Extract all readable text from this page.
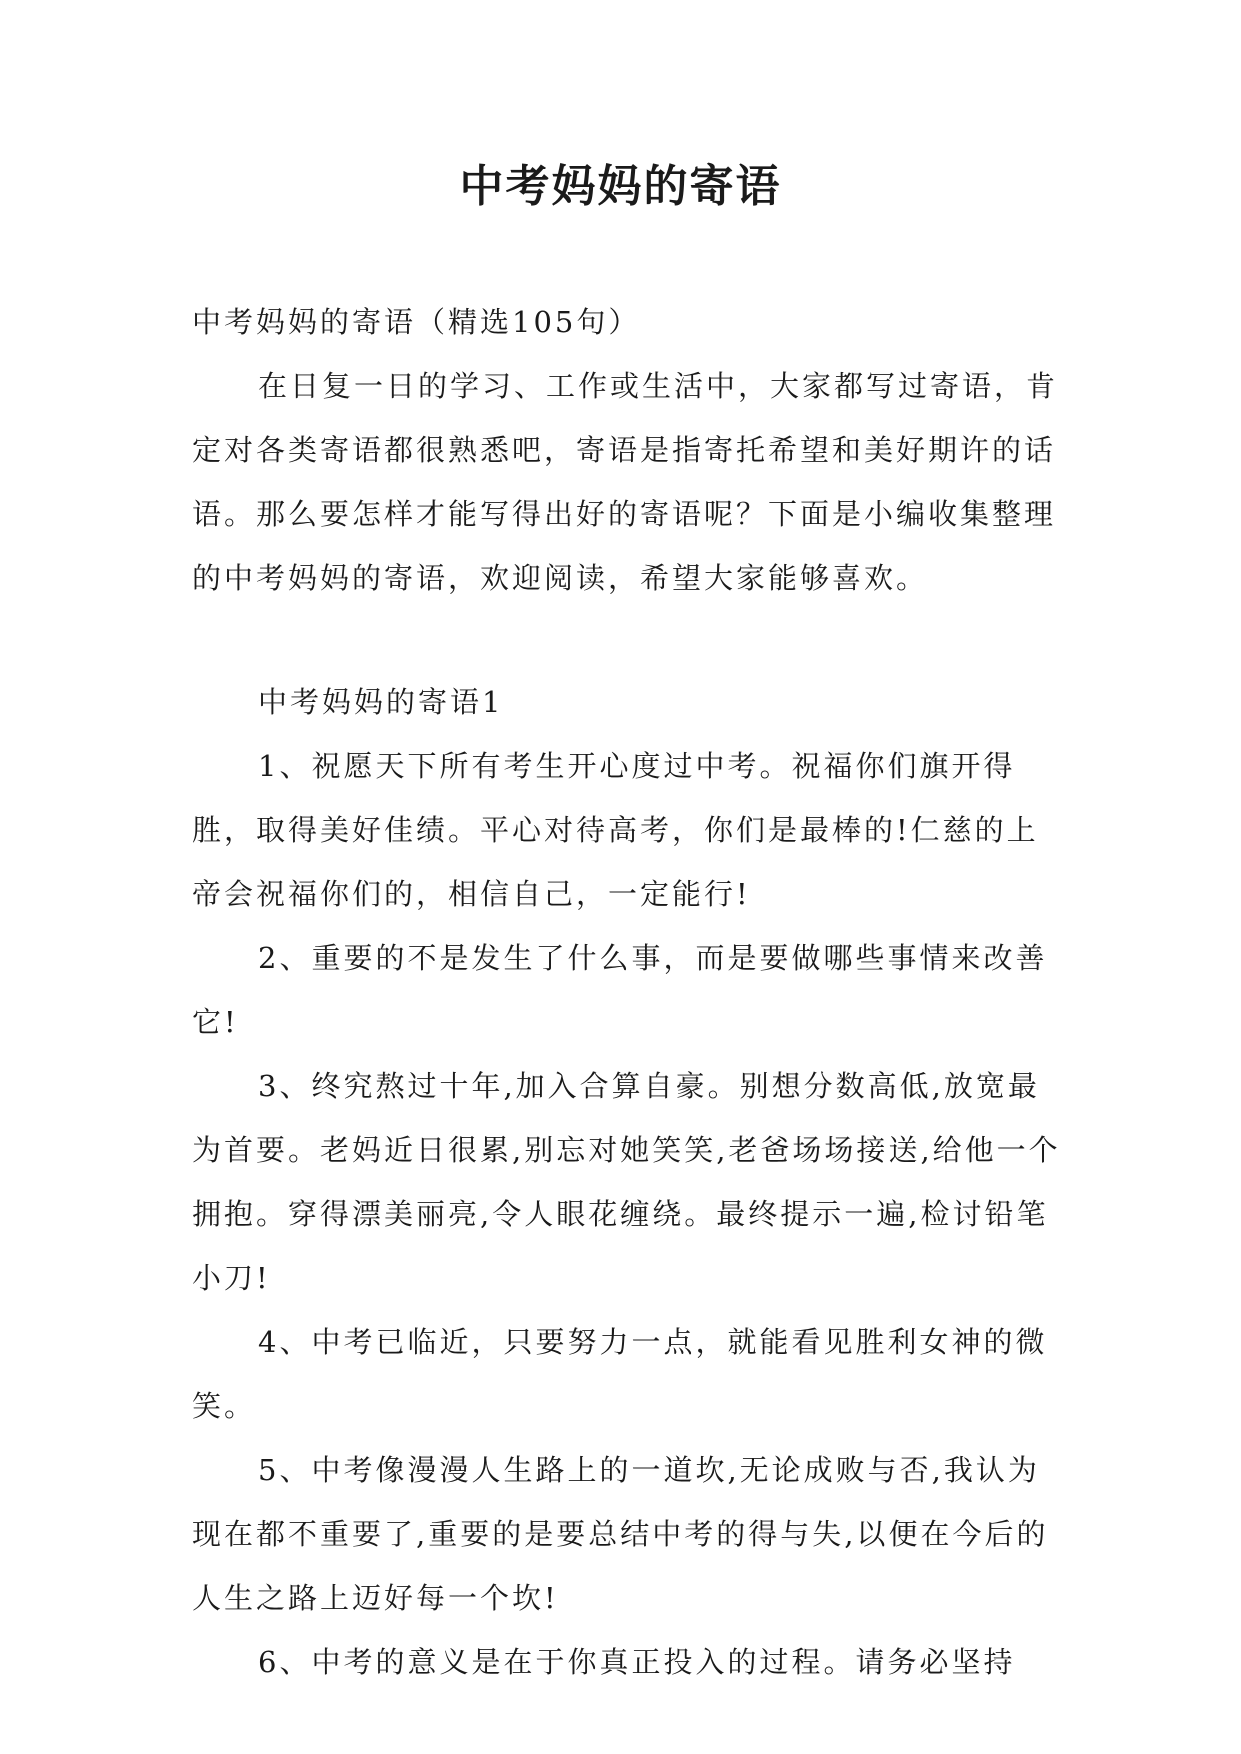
中考妈妈的寄语

中考妈妈的寄语（精选105句）

在日复一日的学习、工作或生活中，大家都写过寄语，肯定对各类寄语都很熟悉吧，寄语是指寄托希望和美好期许的话语。那么要怎样才能写得出好的寄语呢？下面是小编收集整理的中考妈妈的寄语，欢迎阅读，希望大家能够喜欢。

中考妈妈的寄语1

1、祝愿天下所有考生开心度过中考。祝福你们旗开得胜，取得美好佳绩。平心对待高考，你们是最棒的!仁慈的上帝会祝福你们的，相信自己，一定能行!

2、重要的不是发生了什么事，而是要做哪些事情来改善它!

3、终究熬过十年,加入合算自豪。别想分数高低,放宽最为首要。老妈近日很累,别忘对她笑笑,老爸场场接送,给他一个拥抱。穿得漂美丽亮,令人眼花缠绕。最终提示一遍,检讨铅笔小刀!

4、中考已临近，只要努力一点，就能看见胜利女神的微笑。

5、中考像漫漫人生路上的一道坎,无论成败与否,我认为现在都不重要了,重要的是要总结中考的得与失,以便在今后的人生之路上迈好每一个坎!

6、中考的意义是在于你真正投入的过程。请务必坚持
